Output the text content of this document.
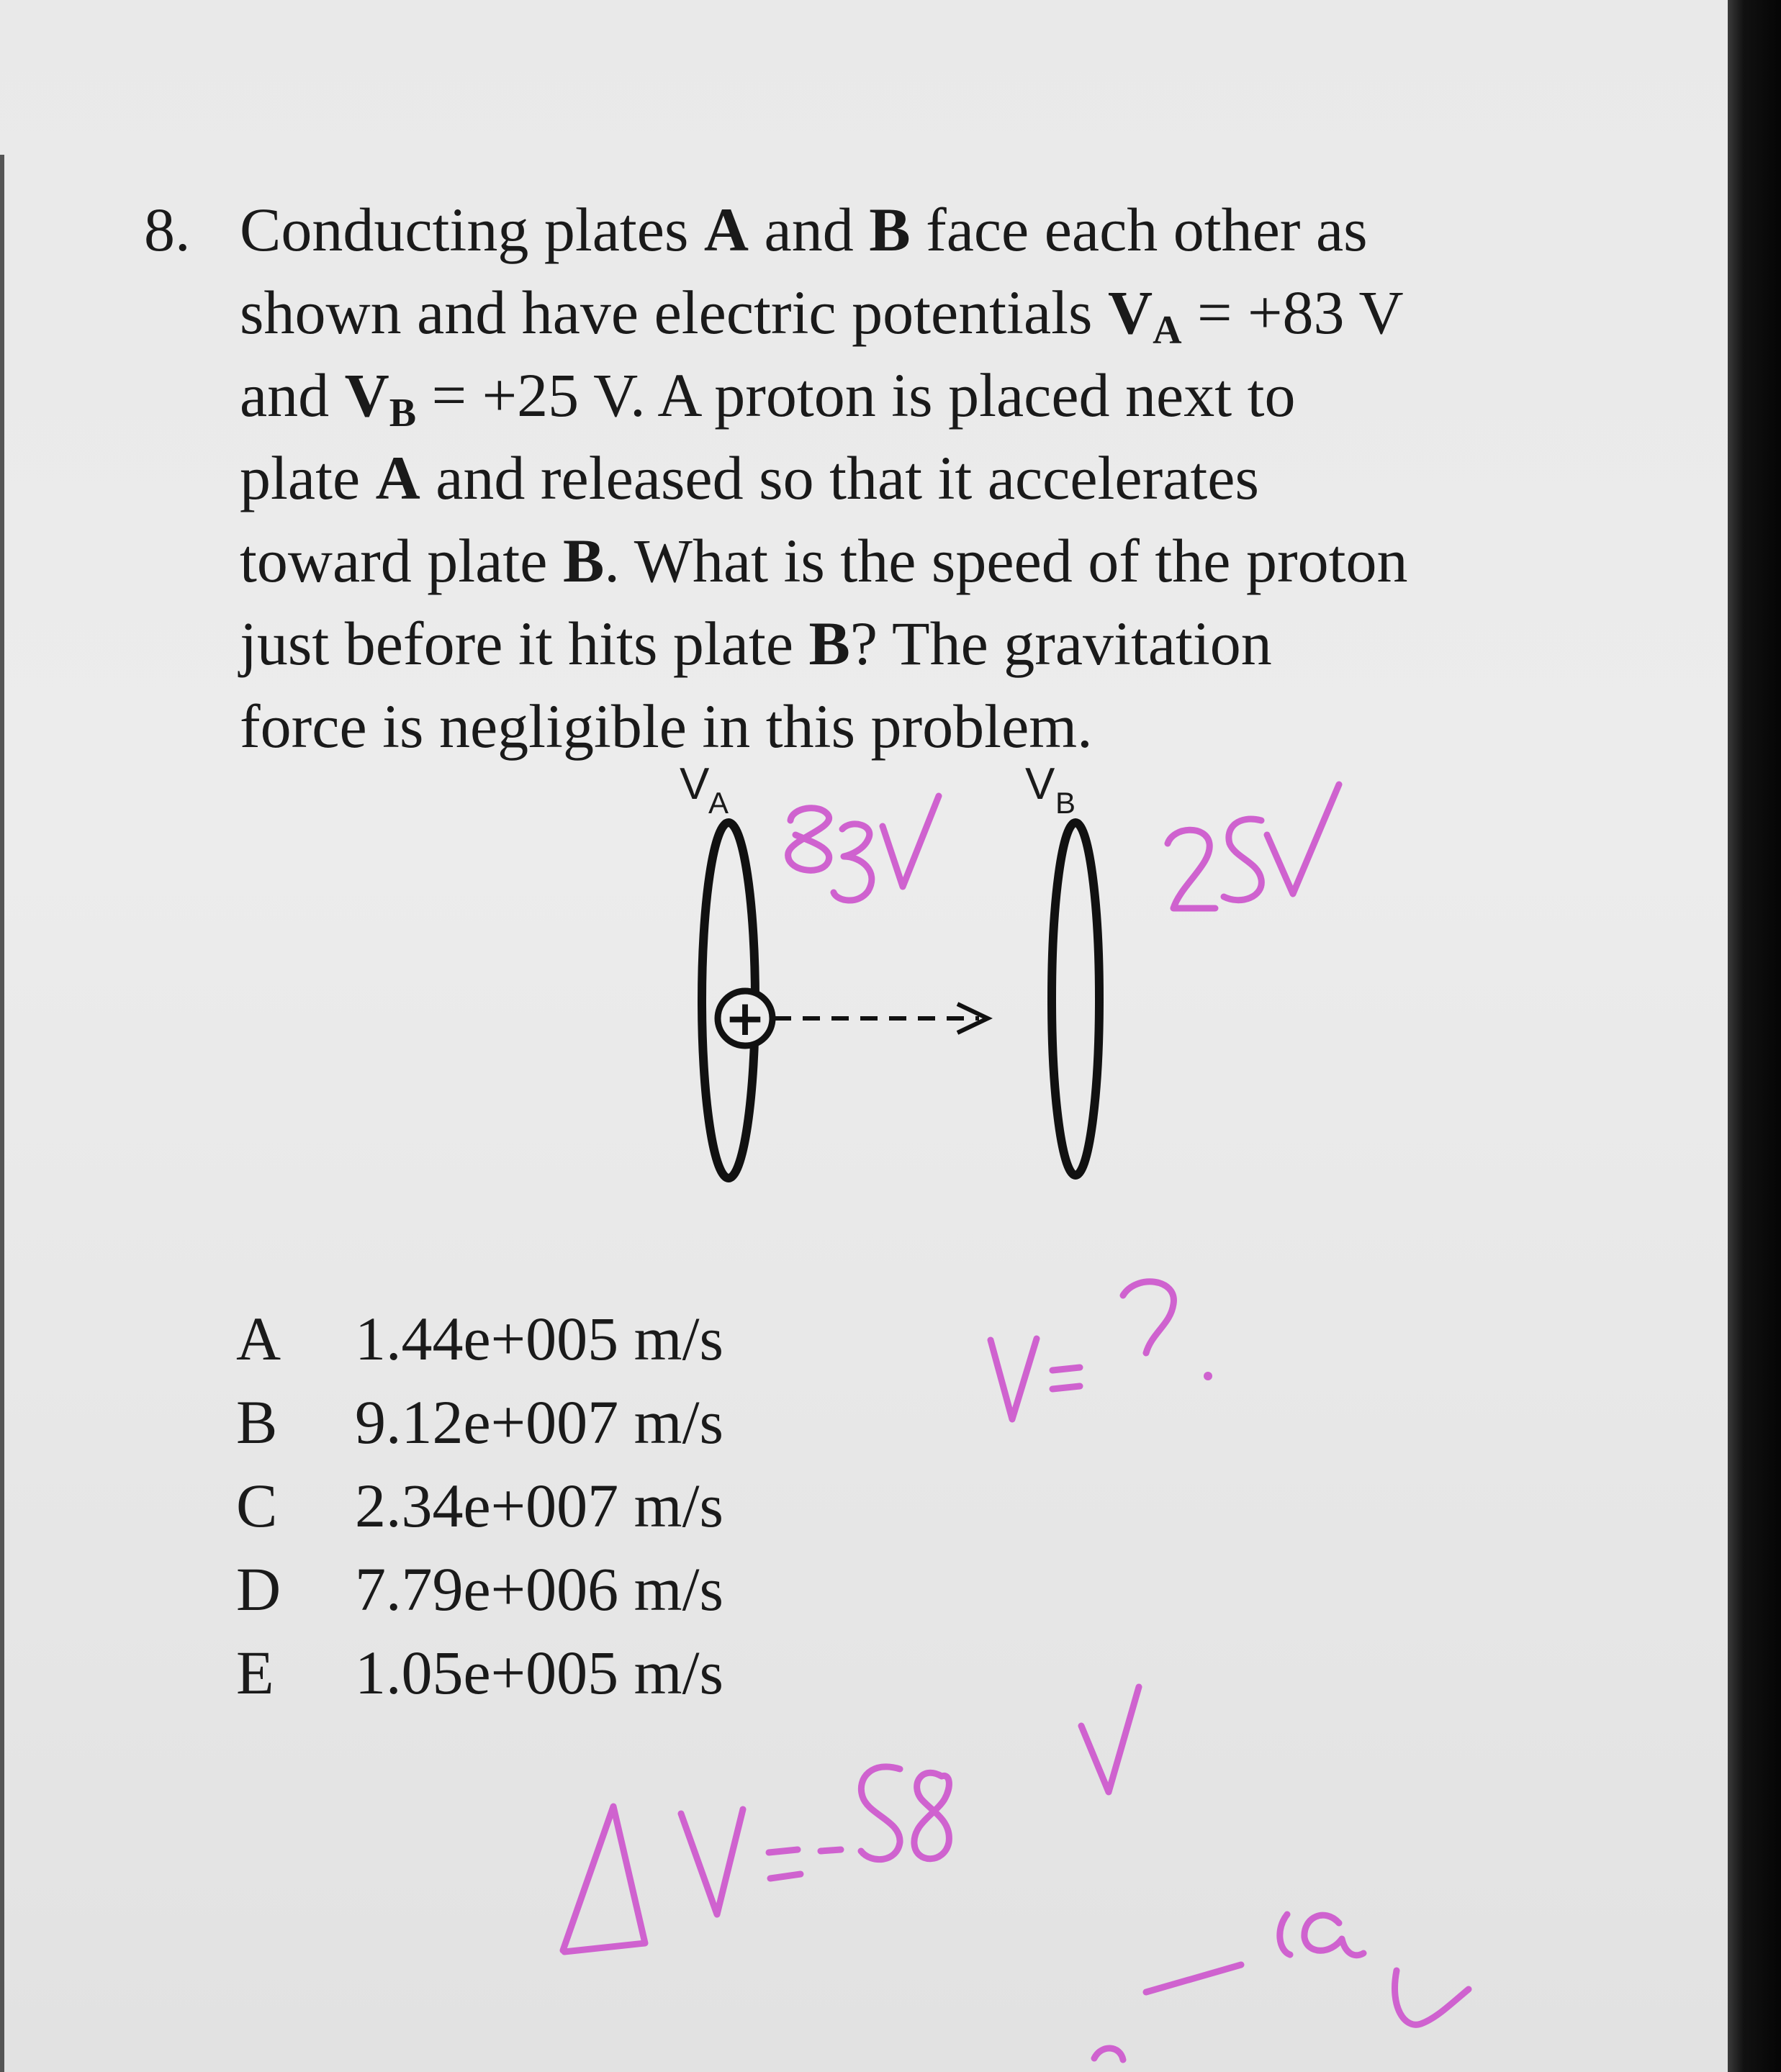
8. Conducting plates A and B face each other as
shown and have electric potentials $V_A = +83$ V
and $V_B = +25$ V. A proton is placed next to
plate A and released so that it accelerates
toward plate B. What is the speed of the proton
just before it hits plate B? The gravitation
force is negligible in this problem.
V
A	V B
+
A 1.44e+005 m/s
B 9.12e+007 m/s
C 2.34e+007 m/s
D 7.79e+006 m/s
E 1.05e+005 m/s
